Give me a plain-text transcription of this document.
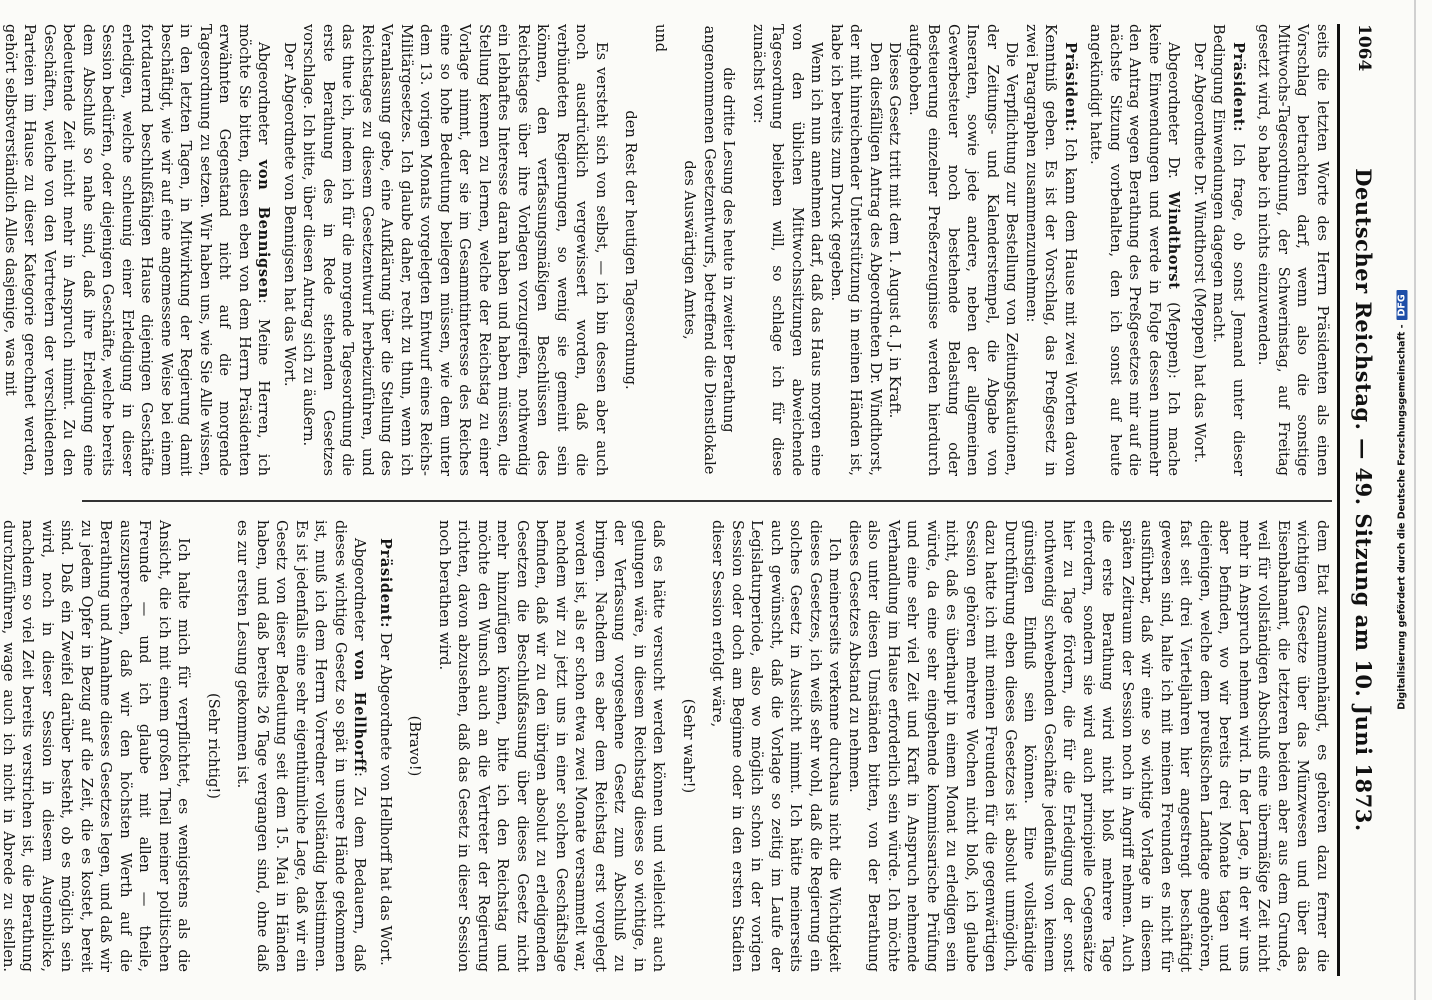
1064
Deutscher Reichstag. — 49. Sitzung am 10. Juni 1873.

seits die letzten Worte des Herrn Präsidenten als einen Vorschlag betrachten darf, wenn also die sonstige Mittwochs-Tagesordnung, der Schwerinstag, auf Freitag gesetzt wird, so habe ich nichts einzuwenden.

Präsident: Ich frage, ob sonst Jemand unter dieser Bedingung Einwendungen dagegen macht.

Der Abgeordnete Dr. Windthorst (Meppen) hat das Wort.

Abgeordneter Dr. Windthorst (Meppen): Ich mache keine Einwendungen und werde in Folge dessen nunmehr den Antrag wegen Berathung des Preßgesetzes mir auf die nächste Sitzung vorbehalten, den ich sonst auf heute angekündigt hatte.

Präsident: Ich kann dem Hause mit zwei Worten davon Kenntniß geben. Es ist der Vorschlag, das Preßgesetz in zwei Paragraphen zusammenzunehmen:

Die Verpflichtung zur Bestellung von Zeitungskautionen, der Zeitungs- und Kalenderstempel, die Abgabe von Inseraten, sowie jede andere, neben der allgemeinen Gewerbesteuer noch bestehende Belastung oder Besteuerung einzelner Preßerzeugnisse werden hierdurch aufgehoben.

Dieses Gesetz tritt mit dem 1. August d. J. in Kraft.

Den diesfälligen Antrag des Abgeordneten Dr. Windthorst, der mit hinreichender Unterstützung in meinen Händen ist, habe ich bereits zum Druck gegeben.

Wenn ich nun annehmen darf, daß das Haus morgen eine von den üblichen Mittwochssitzungen abweichende Tagesordnung belieben will, so schlage ich für diese zunächst vor:

die dritte Lesung des heute in zweiter Berathung angenommenen Gesetzentwurfs, betreffend die Dienstlokale des Auswärtigen Amtes,

und

den Rest der heutigen Tagesordnung.

Es versteht sich von selbst, — ich bin dessen aber auch noch ausdrücklich vergewissert worden, daß die verbündeten Regierungen, so wenig sie gemeint sein können, den verfassungsmäßigen Beschlüssen des Reichstages über ihre Vorlagen vorzugreifen, nothwendig ein lebhaftes Interesse daran haben und haben müssen, die Stellung kennen zu lernen, welche der Reichstag zu einer Vorlage nimmt, der sie im Gesammtinteresse des Reiches eine so hohe Bedeutung beilegen müssen, wie dem unter dem 13. vorigen Monats vorgelegten Entwurf eines Reichs-Militärgesetzes. Ich glaube daher, recht zu thun, wenn ich Veranlassung gebe, eine Aufklärung über die Stellung des Reichstages zu diesem Gesetzentwurf herbeizuführen, und das thue ich, indem ich für die morgende Tagesordnung die erste Berathung des in Rede stehenden Gesetzes vorschlage. Ich bitte, über diesen Antrag sich zu äußern.

Der Abgeordnete von Bennigsen hat das Wort.

Abgeordneter von Bennigsen: Meine Herren, ich möchte Sie bitten, diesen eben von dem Herrn Präsidenten erwähnten Gegenstand nicht auf die morgende Tagesordnung zu setzen. Wir haben uns, wie Sie Alle wissen, in den letzten Tagen, in Mitwirkung der Regierung damit beschäftigt, wie wir auf eine angemessene Weise bei einem fortdauernd beschlußfähigen Hause diejenigen Geschäfte erledigen, welche schleunig einer Erledigung in dieser Session bedürfen, oder diejenigen Geschäfte, welche bereits dem Abschluß so nahe sind, daß ihre Erledigung eine bedeutende Zeit nicht mehr in Anspruch nimmt. Zu den Geschäften, welche von den Vertretern der verschiedenen Parteien im Hause zu dieser Kategorie gerechnet werden, gehört selbstverständlich Alles dasjenige, was mit

dem Etat zusammenhängt, es gehören dazu ferner die wichtigen Gesetze über das Münzwesen und über das Eisenbahnamt, die letzteren beiden aber aus dem Grunde, weil für vollständigen Abschluß eine übermäßige Zeit nicht mehr in Anspruch nehmen wird. In der Lage, in der wir uns aber befinden, wo wir bereits drei Monate tagen und diejenigen, welche dem preußischen Landtage angehören, fast seit drei Vierteljahren hier angestrengt beschäftigt gewesen sind, halte ich mit meinen Freunden es nicht für ausführbar, daß wir eine so wichtige Vorlage in diesem späten Zeitraum der Session noch in Angriff nehmen. Auch die erste Berathung wird nicht bloß mehrere Tage erfordern, sondern sie wird auch principielle Gegensätze hier zu Tage fördern, die für die Erledigung der sonst nothwendig schwebenden Geschäfte jedenfalls von keinem günstigen Einfluß sein können. Eine vollständige Durchführung eben dieses Gesetzes ist absolut unmöglich, dazu hatte ich mit meinen Freunden für die gegenwärtigen Session gehören mehrere Wochen nicht bloß, ich glaube nicht, daß es überhaupt in einem Monat zu erledigen sein würde, da eine sehr eingehende kommissarische Prüfung und eine sehr viel Zeit und Kraft in Anspruch nehmende Verhandlung im Hause erforderlich sein würde. Ich möchte also unter diesen Umständen bitten, von der Berathung dieses Gesetzes Abstand zu nehmen.

Ich meinerseits verkenne durchaus nicht die Wichtigkeit dieses Gesetzes, ich weiß sehr wohl, daß die Regierung ein solches Gesetz in Aussicht nimmt. Ich hätte meinerseits auch gewünscht, daß die Vorlage so zeitig im Laufe der Legislaturperiode, also wo möglich schon in der vorigen Session oder doch am Beginne oder in den ersten Stadien dieser Session erfolgt wäre,

(Sehr wahr!)

daß es hätte versucht werden können und vielleicht auch gelungen wäre, in diesem Reichstag dieses so wichtige, in der Verfassung vorgesehene Gesetz zum Abschluß zu bringen. Nachdem es aber dem Reichstag erst vorgelegt worden ist, als er schon etwa zwei Monate versammelt war, nachdem wir zu jetzt uns in einer solchen Geschäftslage befinden, daß wir zu den übrigen absolut zu erledigenden Gesetzen die Beschlußfassung über dieses Gesetz nicht mehr hinzufügen können, bitte ich den Reichstag und möchte den Wunsch auch an die Vertreter der Regierung richten, davon abzusehen, daß das Gesetz in dieser Session noch berathen wird.

(Bravo!)

Präsident: Der Abgeordnete von Hellhorff hat das Wort.

Abgeordneter von Hellhorff: Zu dem Bedauern, daß dieses wichtige Gesetz so spät in unsere Hände gekommen ist, muß ich dem Herrn Vorredner vollständig beistimmen. Es ist jedenfalls eine sehr eigenthümliche Lage, daß wir ein Gesetz von dieser Bedeutung seit dem 15. Mai in Händen haben, und daß bereits 26 Tage vergangen sind, ohne daß es zur ersten Lesung gekommen ist.

(Sehr richtig!)

Ich halte mich für verpflichtet, es wenigstens als die Ansicht, die ich mit einem großen Theil meiner politischen Freunde — und ich glaube mit allen — theile, auszusprechen, daß wir den höchsten Werth auf die Berathung und Annahme dieses Gesetzes legen, und daß wir zu jedem Opfer in Bezug auf die Zeit, die es kostet, bereit sind. Daß ein Zweifel darüber besteht, ob es möglich sein wird, noch in dieser Session in diesem Augenblicke, nachdem so viel Zeit bereits verstrichen ist, die Berathung durchzuführen, wage auch ich nicht in Abrede zu stellen.

Digitalisierung gefördert durch die Deutsche Forschungsgemeinschaft -DFG
